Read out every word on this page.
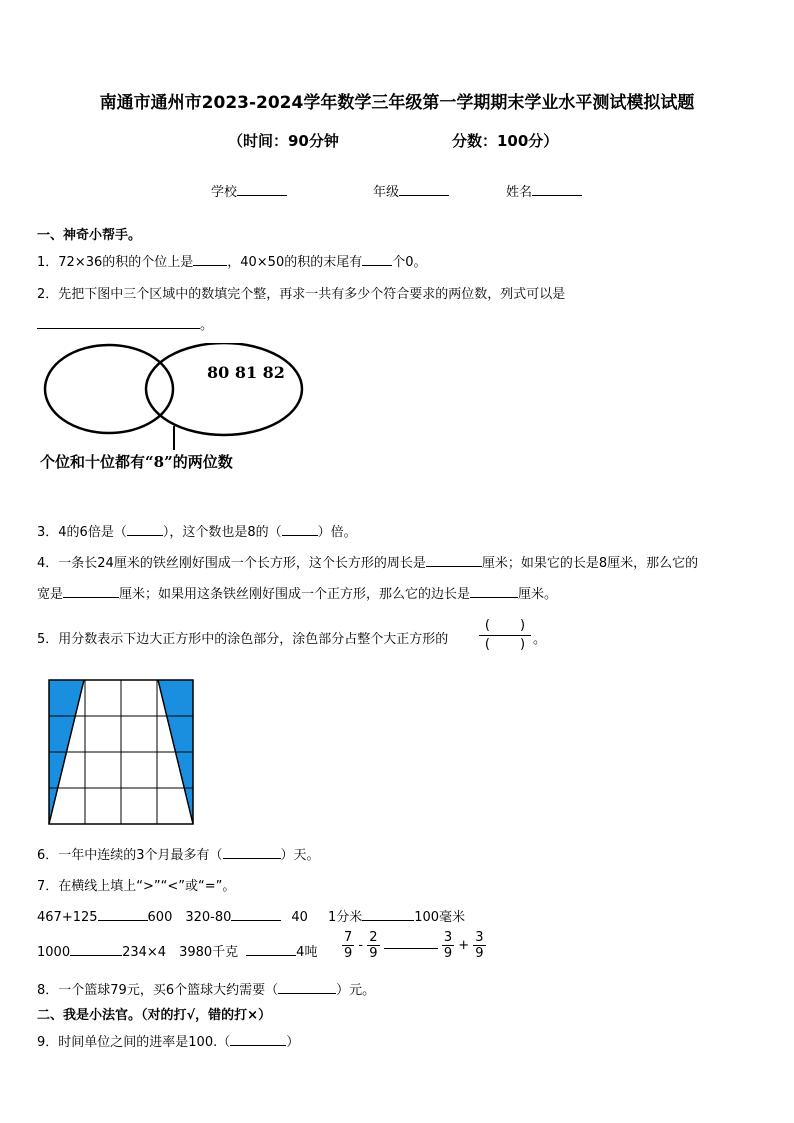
南通市通州市2023-2024学年数学三年级第一学期期末学业水平测试模拟试题
（时间：90分钟	分数：100分）
学校	年级	姓名
一、神奇小帮手。
1．72×36的积的个位上是	，40×50的积的末尾有 个0。
2．先把下图中三个区域中的数填完个整，再求一共有多少个符合要求的两位数，列式可以是
。
80 81 82
个位和十位都有“8”的两位数
3．4的6倍是（	），这个数也是8的（	）倍。
4．一条长24厘米的铁丝刚好围成一个长方形，这个长方形的周长是	厘米；如果它的长是8厘米，那么它的
宽是	厘米；如果用这条铁丝刚好围成一个正方形，那么它的边长是	厘米。
5．用分数表示下边大正方形中的涂色部分，涂色部分占整个大正方形的
( )
( ) 。
6．一年中连续的3个月最多有（	）天。
7．在横线上填上“>”“<”或“=”。
467+125	600 320-80	40 1分米	100毫米
1000	234×4 3980千克	4吨 $\frac{7}{9} - \frac{2}{9}$
	$\frac{3}{9} + \frac{3}{9}$
8．一个篮球79元，买6个篮球大约需要（	）元。
二、我是小法官。（对的打√，错的打×）
9．时间单位之间的进率是100.（	）
